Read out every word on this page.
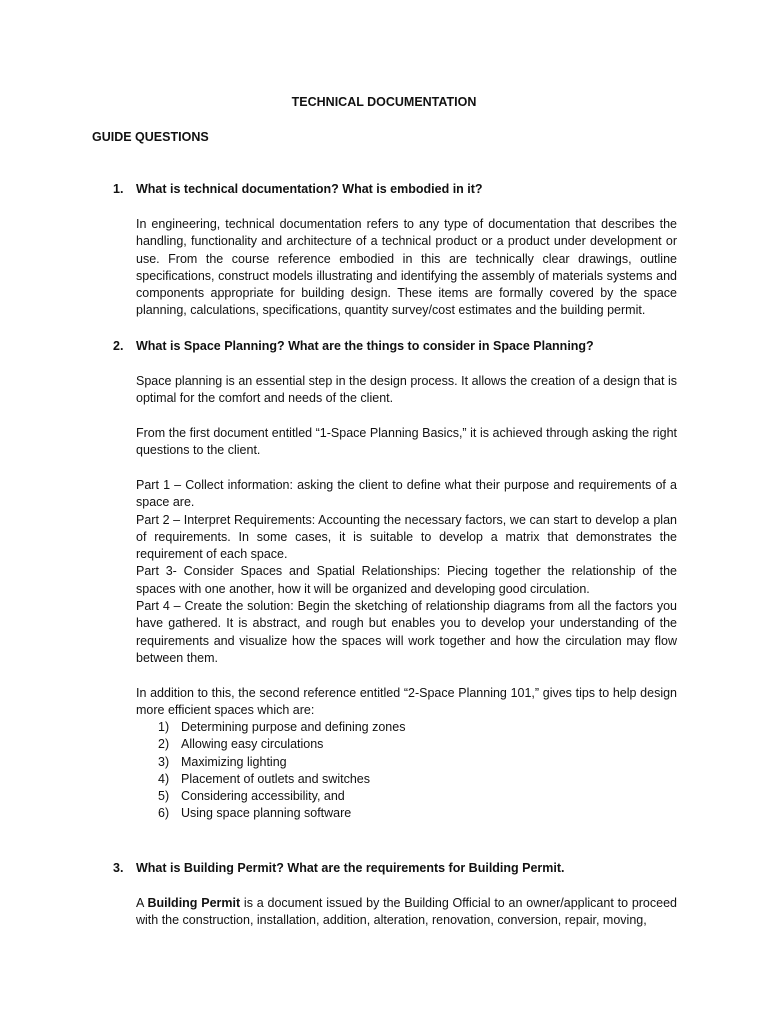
TECHNICAL DOCUMENTATION
GUIDE QUESTIONS
1. What is technical documentation? What is embodied in it?

In engineering, technical documentation refers to any type of documentation that describes the handling, functionality and architecture of a technical product or a product under development or use. From the course reference embodied in this are technically clear drawings, outline specifications, construct models illustrating and identifying the assembly of materials systems and components appropriate for building design. These items are formally covered by the space planning, calculations, specifications, quantity survey/cost estimates and the building permit.

2. What is Space Planning? What are the things to consider in Space Planning?

Space planning is an essential step in the design process. It allows the creation of a design that is optimal for the comfort and needs of the client.

From the first document entitled “1-Space Planning Basics,” it is achieved through asking the right questions to the client.

Part 1 – Collect information: asking the client to define what their purpose and requirements of a space are.

Part 2 – Interpret Requirements: Accounting the necessary factors, we can start to develop a plan of requirements. In some cases, it is suitable to develop a matrix that demonstrates the requirement of each space.

Part 3- Consider Spaces and Spatial Relationships: Piecing together the relationship of the spaces with one another, how it will be organized and developing good circulation.

Part 4 – Create the solution: Begin the sketching of relationship diagrams from all the factors you have gathered. It is abstract, and rough but enables you to develop your understanding of the requirements and visualize how the spaces will work together and how the circulation may flow between them.

In addition to this, the second reference entitled “2-Space Planning 101,” gives tips to help design more efficient spaces which are:

1) Determining purpose and defining zones
2) Allowing easy circulations
3) Maximizing lighting
4) Placement of outlets and switches
5) Considering accessibility, and
6) Using space planning software
3. What is Building Permit? What are the requirements for Building Permit.

A Building Permit is a document issued by the Building Official to an owner/applicant to proceed with the construction, installation, addition, alteration, renovation, conversion, repair, moving,
